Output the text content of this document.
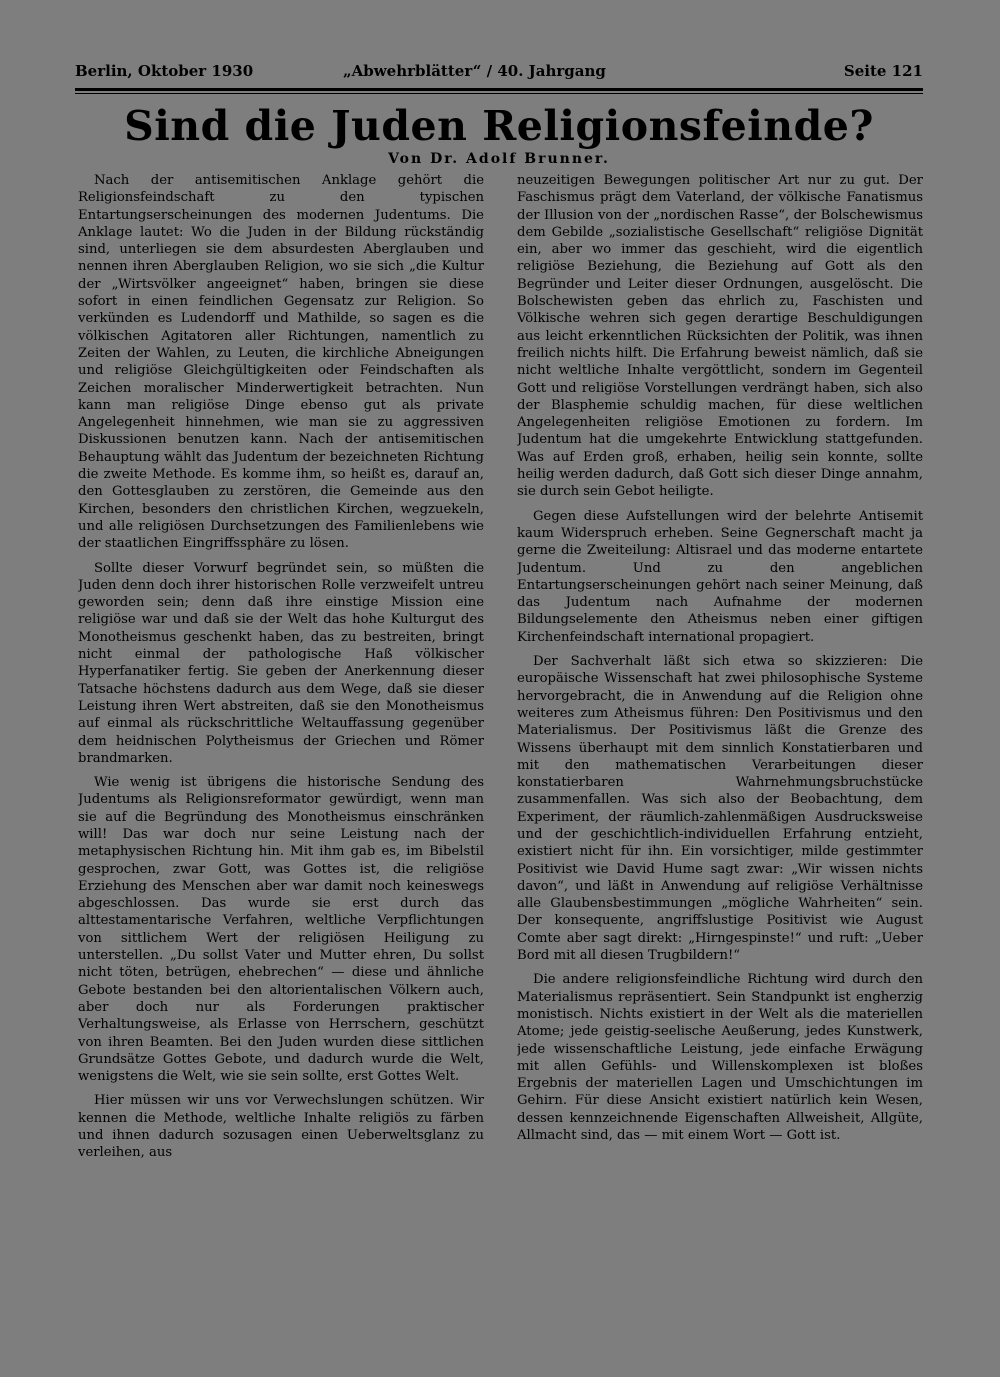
Berlin, Oktober 1930	„Abwehrblätter“ / 40. Jahrgang	Seite 121
Sind die Juden Religionsfeinde?
Von Dr. Adolf Brunner.

Nach der antisemitischen Anklage gehört die Religionsfeindschaft zu den typischen Entartungserscheinungen des modernen Judentums. Die Anklage lautet: Wo die Juden in der Bildung rückständig sind, unterliegen sie dem absurdesten Aberglauben und nennen ihren Aberglauben Religion, wo sie sich „die Kultur der „Wirtsvölker angeeignet“ haben, bringen sie diese sofort in einen feindlichen Gegensatz zur Religion. So verkünden es Ludendorff und Mathilde, so sagen es die völkischen Agitatoren aller Richtungen, namentlich zu Zeiten der Wahlen, zu Leuten, die kirchliche Abneigungen und religiöse Gleichgültigkeiten oder Feindschaften als Zeichen moralischer Minderwertigkeit betrachten. Nun kann man religiöse Dinge ebenso gut als private Angelegenheit hinnehmen, wie man sie zu aggressiven Diskussionen benutzen kann. Nach der antisemitischen Behauptung wählt das Judentum der bezeichneten Richtung die zweite Methode. Es komme ihm, so heißt es, darauf an, den Gottesglauben zu zerstören, die Gemeinde aus den Kirchen, besonders den christlichen Kirchen, wegzuekeln, und alle religiösen Durchsetzungen des Familienlebens wie der staatlichen Eingriffssphäre zu lösen.

Sollte dieser Vorwurf begründet sein, so müßten die Juden denn doch ihrer historischen Rolle verzweifelt untreu geworden sein; denn daß ihre einstige Mission eine religiöse war und daß sie der Welt das hohe Kulturgut des Monotheismus geschenkt haben, das zu bestreiten, bringt nicht einmal der pathologische Haß völkischer Hyperfanatiker fertig. Sie geben der Anerkennung dieser Tatsache höchstens dadurch aus dem Wege, daß sie dieser Leistung ihren Wert abstreiten, daß sie den Monotheismus auf einmal als rückschrittliche Weltauffassung gegenüber dem heidnischen Polytheismus der Griechen und Römer brandmarken.

Wie wenig ist übrigens die historische Sendung des Judentums als Religionsreformator gewürdigt, wenn man sie auf die Begründung des Monotheismus einschränken will! Das war doch nur seine Leistung nach der metaphysischen Richtung hin. Mit ihm gab es, im Bibelstil gesprochen, zwar Gott, was Gottes ist, die religiöse Erziehung des Menschen aber war damit noch keineswegs abgeschlossen. Das wurde sie erst durch das alttestamentarische Verfahren, weltliche Verpflichtungen von sittlichem Wert der religiösen Heiligung zu unterstellen. „Du sollst Vater und Mutter ehren, Du sollst nicht töten, betrügen, ehebrechen“ — diese und ähnliche Gebote bestanden bei den altorientalischen Völkern auch, aber doch nur als Forderungen praktischer Verhaltungsweise, als Erlasse von Herrschern, geschützt von ihren Beamten. Bei den Juden wurden diese sittlichen Grundsätze Gottes Gebote, und dadurch wurde die Welt, wenigstens die Welt, wie sie sein sollte, erst Gottes Welt.

Hier müssen wir uns vor Verwechslungen schützen. Wir kennen die Methode, weltliche Inhalte religiös zu färben und ihnen dadurch sozusagen einen Ueberweltsglanz zu verleihen, aus

neuzeitigen Bewegungen politischer Art nur zu gut. Der Faschismus prägt dem Vaterland, der völkische Fanatismus der Illusion von der „nordischen Rasse“, der Bolschewismus dem Gebilde „sozialistische Gesellschaft“ religiöse Dignität ein, aber wo immer das geschieht, wird die eigentlich religiöse Beziehung, die Beziehung auf Gott als den Begründer und Leiter dieser Ordnungen, ausgelöscht. Die Bolschewisten geben das ehrlich zu, Faschisten und Völkische wehren sich gegen derartige Beschuldigungen aus leicht erkenntlichen Rücksichten der Politik, was ihnen freilich nichts hilft. Die Erfahrung beweist nämlich, daß sie nicht weltliche Inhalte vergöttlicht, sondern im Gegenteil Gott und religiöse Vorstellungen verdrängt haben, sich also der Blasphemie schuldig machen, für diese weltlichen Angelegenheiten religiöse Emotionen zu fordern. Im Judentum hat die umgekehrte Entwicklung stattgefunden. Was auf Erden groß, erhaben, heilig sein konnte, sollte heilig werden dadurch, daß Gott sich dieser Dinge annahm, sie durch sein Gebot heiligte.

Gegen diese Aufstellungen wird der belehrte Antisemit kaum Widerspruch erheben. Seine Gegnerschaft macht ja gerne die Zweiteilung: Altisrael und das moderne entartete Judentum. Und zu den angeblichen Entartungserscheinungen gehört nach seiner Meinung, daß das Judentum nach Aufnahme der modernen Bildungselemente den Atheismus neben einer giftigen Kirchenfeindschaft international propagiert.

Der Sachverhalt läßt sich etwa so skizzieren: Die europäische Wissenschaft hat zwei philosophische Systeme hervorgebracht, die in Anwendung auf die Religion ohne weiteres zum Atheismus führen: Den Positivismus und den Materialismus. Der Positivismus läßt die Grenze des Wissens überhaupt mit dem sinnlich Konstatierbaren und mit den mathematischen Verarbeitungen dieser konstatierbaren Wahrnehmungsbruchstücke zusammenfallen. Was sich also der Beobachtung, dem Experiment, der räumlich-zahlenmäßigen Ausdrucksweise und der geschichtlich-individuellen Erfahrung entzieht, existiert nicht für ihn. Ein vorsichtiger, milde gestimmter Positivist wie David Hume sagt zwar: „Wir wissen nichts davon“, und läßt in Anwendung auf religiöse Verhältnisse alle Glaubensbestimmungen „mögliche Wahrheiten“ sein. Der konsequente, angriffslustige Positivist wie August Comte aber sagt direkt: „Hirngespinste!“ und ruft: „Ueber Bord mit all diesen Trugbildern!“

Die andere religionsfeindliche Richtung wird durch den Materialismus repräsentiert. Sein Standpunkt ist engherzig monistisch. Nichts existiert in der Welt als die materiellen Atome; jede geistig-seelische Aeußerung, jedes Kunstwerk, jede wissenschaftliche Leistung, jede einfache Erwägung mit allen Gefühls- und Willenskomplexen ist bloßes Ergebnis der materiellen Lagen und Umschichtungen im Gehirn. Für diese Ansicht existiert natürlich kein Wesen, dessen kennzeichnende Eigenschaften Allweisheit, Allgüte, Allmacht sind, das — mit einem Wort — Gott ist.
